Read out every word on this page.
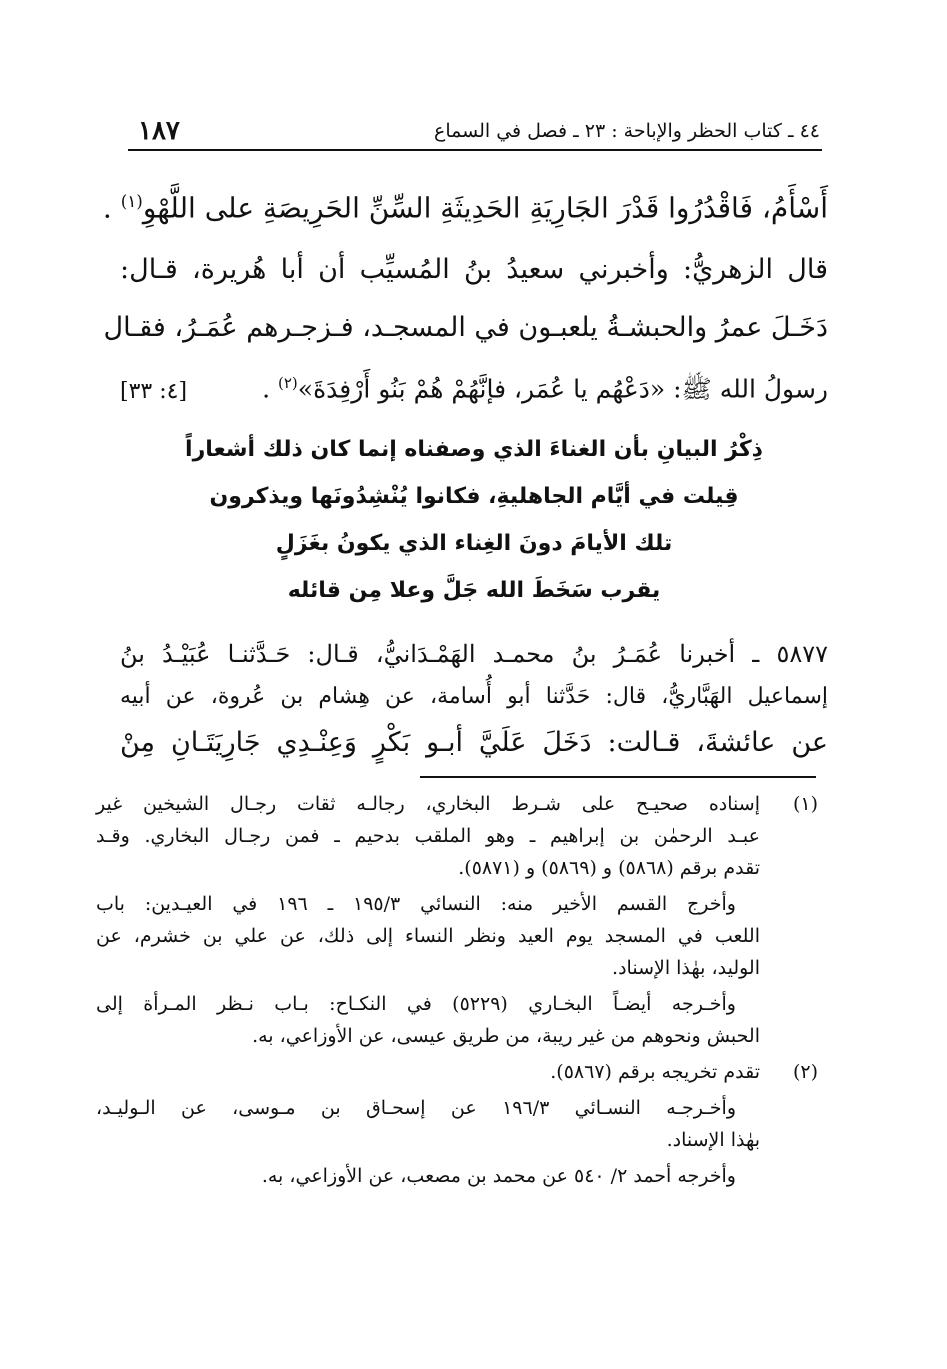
١٨٧	٤٤ ـ كتاب الحظر والإباحة : ٢٣ ـ فصل في السماع
أَسْأَمُ، فَاقْدُرُوا قَدْرَ الجَارِيَةِ الحَدِيثَةِ السِّنِّ الحَرِيصَةِ على اللَّهْوِ$^{(١)}$ .
قال الزهريُّ: وأخبرني سعيدُ بنُ المُسيِّب أن أبا هُريرة، قـال:
دَخَـلَ عمرُ والحبشـةُ يلعبـون في المسجـد، فـزجـرهم عُمَـرُ، فقـال
رسولُ الله ﷺ: «دَعْهُم يا عُمَر، فإنَّهُمْ هُمْ بَنُو أَرْفِدَةَ»$^{(٢)}$ .
[٤: ٣٣]
ذِكْرُ البيانِ بأن الغناءَ الذي وصفناه إنما كان ذلك أشعاراً
قِيلت في أيَّام الجاهليةِ، فكانوا يُنْشِدُونَها ويذكرون
تلك الأيامَ دونَ الغِناء الذي يكونُ بغَزَلٍ
يقرب سَخَطَ الله جَلَّ وعلا مِن قائله
٥٨٧٧ ـ أخبرنا عُمَـرُ بنُ محمـد الهَمْـدَانيُّ، قـال: حَـدَّثنـا عُبَيْـدُ بنُ
إسماعيل الهَبَّاريُّ، قال: حَدَّثنا أبو أُسامة، عن هِشام بن عُروة، عن أبيه
عن عائشةَ، قـالت: دَخَلَ عَلَيَّ أبـو بَكْرٍ وَعِنْـدِي جَارِيَتَـانِ مِنْ
(١)
إسناده صحيـح على شـرط البخاري، رجالـه ثقات رجـال الشيخين غير
عبـد الرحمٰن بن إبراهيم ـ وهو الملقب بدحيم ـ فمن رجـال البخاري. وقـد
تقدم برقم (٥٨٦٨) و (٥٨٦٩) و (٥٨٧١).
وأخرج القسم الأخير منه: النسائي ١٩٥/٣ ـ ١٩٦ في العيـدين: باب
اللعب في المسجد يوم العيد ونظر النساء إلى ذلك، عن علي بن خشرم، عن
الوليد، بهٰذا الإسناد.
وأخـرجه أيضـاً البخـاري (٥٢٢٩) في النكـاح: بـاب نـظر المـرأة إلى
الحبش ونحوهم من غير ريبة، من طريق عيسى، عن الأوزاعي، به.
(٢)
تقدم تخريجه برقم (٥٨٦٧).
وأخـرجـه النسـائي ١٩٦/٣ عن إسحـاق بن مـوسى، عن الـوليـد،
بهٰذا الإسناد.
وأخرجه أحمد ٢/ ٥٤٠ عن محمد بن مصعب، عن الأوزاعي، به.
